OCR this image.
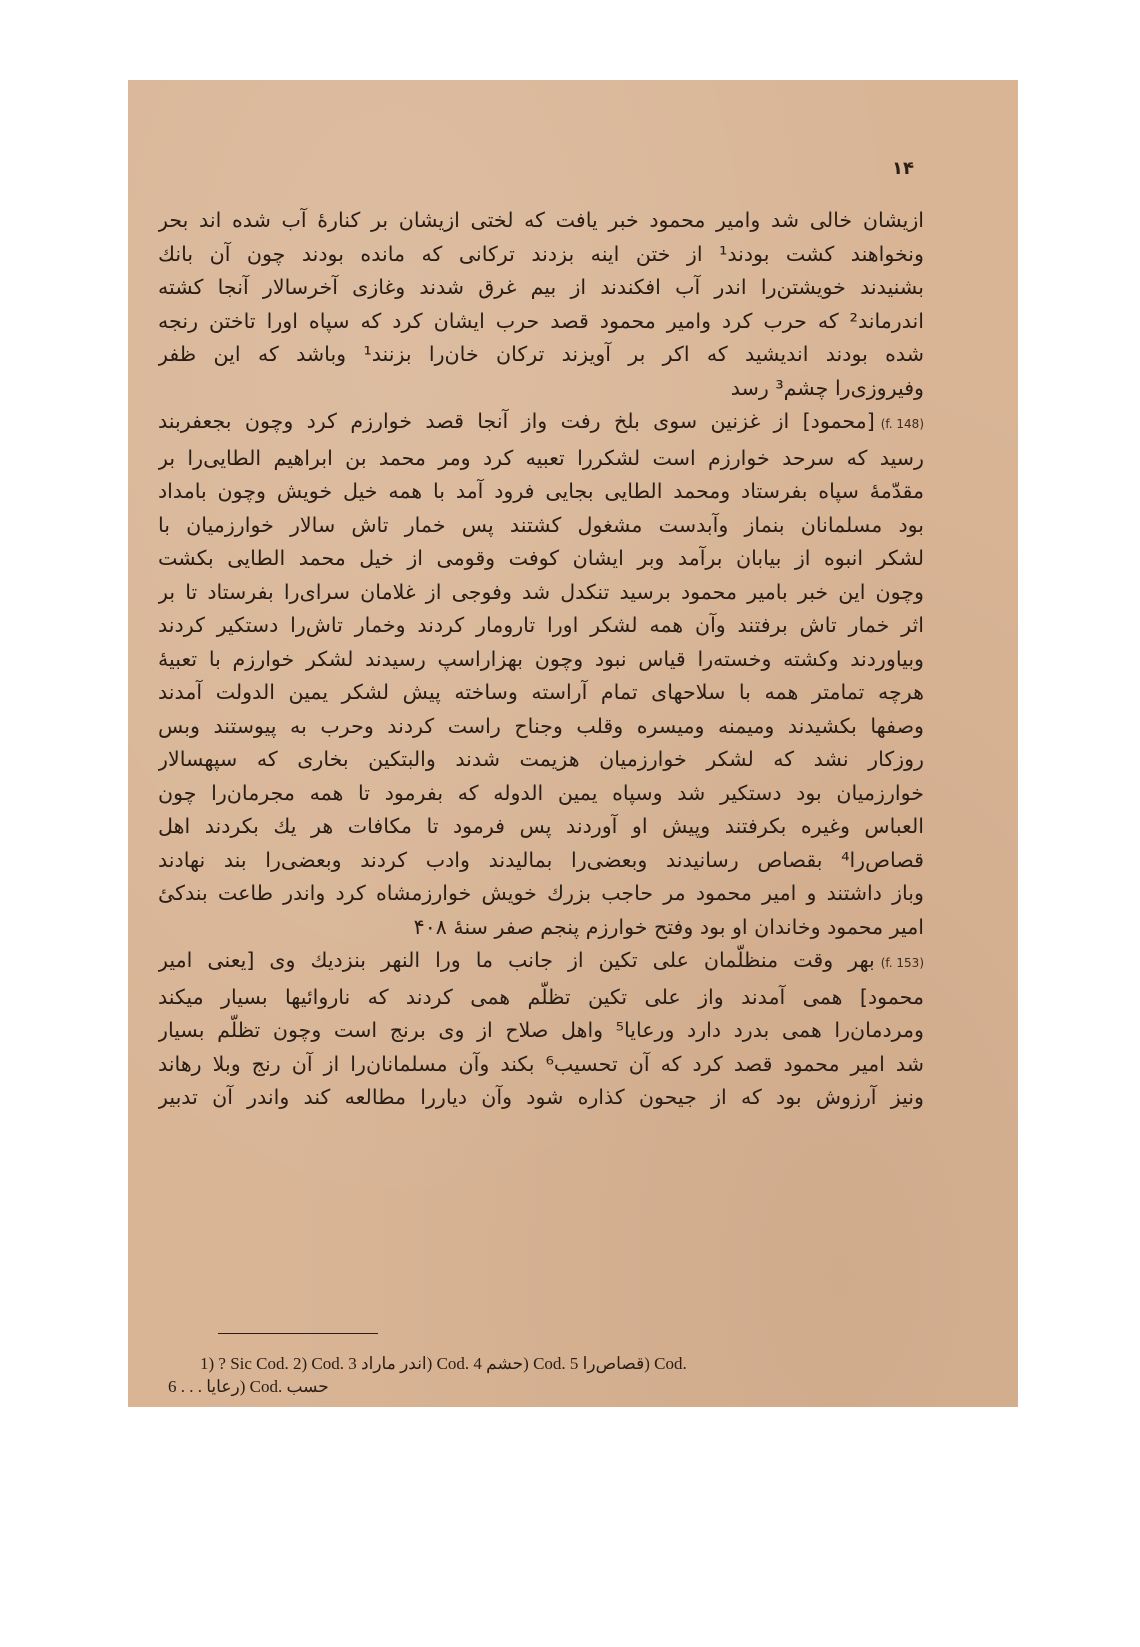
۱۴
ازیشان خالی شد وامیر محمود خبر یافت که لختی ازیشان بر کنارهٔ آب شده اند بحر
ونخواهند کشت بودند¹ از ختن اینه بزدند ترکانی که مانده بودند چون آن بانك
بشنیدند خویشتن‌را اندر آب افکندند از بیم غرق شدند وغازی آخرسالار آنجا کشته
اندرماند² که حرب کرد وامیر محمود قصد حرب ایشان کرد که سپاه اورا تاختن رنجه
شده بودند اندیشید که اکر بر آویزند ترکان خان‌را بزنند¹ وباشد که این ظفر
وفیروزی‌را چشم³ رسد
(f. 148)[محمود] از غزنین سوی بلخ رفت واز آنجا قصد خوارزم کرد وچون بجعفربند
رسید که سرحد خوارزم است لشکررا تعبیه کرد ومر محمد بن ابراهیم الطایی‌را بر
مقدّمهٔ سپاه بفرستاد ومحمد الطایی بجایی فرود آمد با همه خیل خویش وچون بامداد
بود مسلمانان بنماز وآبدست مشغول کشتند پس خمار تاش سالار خوارزمیان با
لشکر انبوه از بیابان برآمد وبر ایشان کوفت وقومی از خیل محمد الطایی بکشت
وچون این خبر بامیر محمود برسید تنکدل شد وفوجی از غلامان سرای‌را بفرستاد تا بر
اثر خمار تاش برفتند وآن همه لشکر اورا تارومار کردند وخمار تاش‌را دستکیر کردند
وبیاوردند وکشته وخسته‌را قیاس نبود وچون بهزاراسپ رسیدند لشکر خوارزم با تعبیهٔ
هرچه تمامتر همه با سلاحهای تمام آراسته وساخته پیش لشکر یمین الدولت آمدند
وصفها بکشیدند ومیمنه ومیسره وقلب وجناح راست کردند وحرب به پیوستند وبس
روزکار نشد که لشکر خوارزمیان هزیمت شدند والبتکین بخاری که سپهسالار
خوارزمیان بود دستکیر شد وسپاه یمین الدوله که بفرمود تا همه مجرمان‌را چون
العباس وغیره بکرفتند وپیش او آوردند پس فرمود تا مکافات هر یك بکردند اهل
قصاص‌را⁴ بقصاص رسانیدند وبعضی‌را بمالیدند وادب کردند وبعضی‌را بند نهادند
وباز داشتند و امیر محمود مر حاجب بزرك خویش خوارزمشاه کرد واندر طاعت بندکیٔ
امیر محمود وخاندان او بود وفتح خوارزم پنجم صفر سنهٔ ۴۰۸
(f. 153)بهر وقت منظلّمان علی تکین از جانب ما ورا النهر بنزدیك وی [یعنی امیر
محمود] همی آمدند واز علی تکین تظلّم همی کردند که ناروائیها بسیار میکند
ومردمان‌را همی بدرد دارد ورعایا⁵ واهل صلاح از وی برنج است وچون تظلّم بسیار
شد امیر محمود قصد کرد که آن تحسیب⁶ بکند وآن مسلمانان‌را از آن رنج وبلا رهاند
ونیز آرزوش بود که از جیحون کذاره شود وآن دیاررا مطالعه کند واندر آن تدبیر
1) ? Sic Cod. 2) Cod. اندر ماراد 3) Cod. حشم 4) Cod. قصاص‌را 5) Cod.
رعایا . . . 6) Cod. حسب
